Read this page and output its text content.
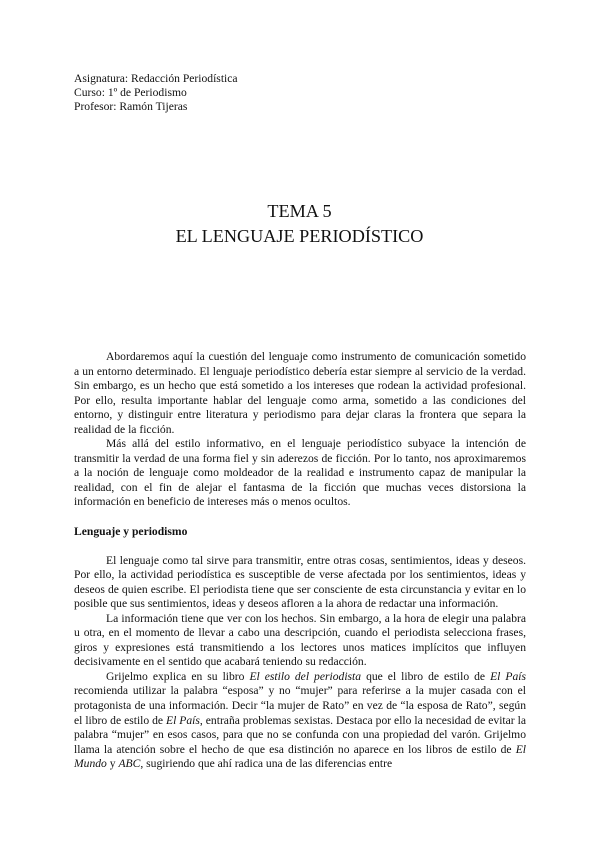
Asignatura: Redacción Periodística
Curso: 1º de Periodismo
Profesor: Ramón Tijeras
TEMA 5
EL LENGUAJE PERIODÍSTICO

Abordaremos aquí la cuestión del lenguaje como instrumento de comunicación sometido a un entorno determinado. El lenguaje periodístico debería estar siempre al servicio de la verdad. Sin embargo, es un hecho que está sometido a los intereses que rodean la actividad profesional. Por ello, resulta importante hablar del lenguaje como arma, sometido a las condiciones del entorno, y distinguir entre literatura y periodismo para dejar claras la frontera que separa la realidad de la ficción.

Más allá del estilo informativo, en el lenguaje periodístico subyace la intención de transmitir la verdad de una forma fiel y sin aderezos de ficción. Por lo tanto, nos aproximaremos a la noción de lenguaje como moldeador de la realidad e instrumento capaz de manipular la realidad, con el fin de alejar el fantasma de la ficción que muchas veces distorsiona la información en beneficio de intereses más o menos ocultos.

Lenguaje y periodismo

El lenguaje como tal sirve para transmitir, entre otras cosas, sentimientos, ideas y deseos. Por ello, la actividad periodística es susceptible de verse afectada por los sentimientos, ideas y deseos de quien escribe. El periodista tiene que ser consciente de esta circunstancia y evitar en lo posible que sus sentimientos, ideas y deseos afloren a la ahora de redactar una información.

La información tiene que ver con los hechos. Sin embargo, a la hora de elegir una palabra u otra, en el momento de llevar a cabo una descripción, cuando el periodista selecciona frases, giros y expresiones está transmitiendo a los lectores unos matices implícitos que influyen decisivamente en el sentido que acabará teniendo su redacción.

Grijelmo explica en su libro El estilo del periodista que el libro de estilo de El País recomienda utilizar la palabra “esposa” y no “mujer” para referirse a la mujer casada con el protagonista de una información. Decir “la mujer de Rato” en vez de “la esposa de Rato”, según el libro de estilo de El País, entraña problemas sexistas. Destaca por ello la necesidad de evitar la palabra “mujer” en esos casos, para que no se confunda con una propiedad del varón. Grijelmo llama la atención sobre el hecho de que esa distinción no aparece en los libros de estilo de El Mundo y ABC, sugiriendo que ahí radica una de las diferencias entre
